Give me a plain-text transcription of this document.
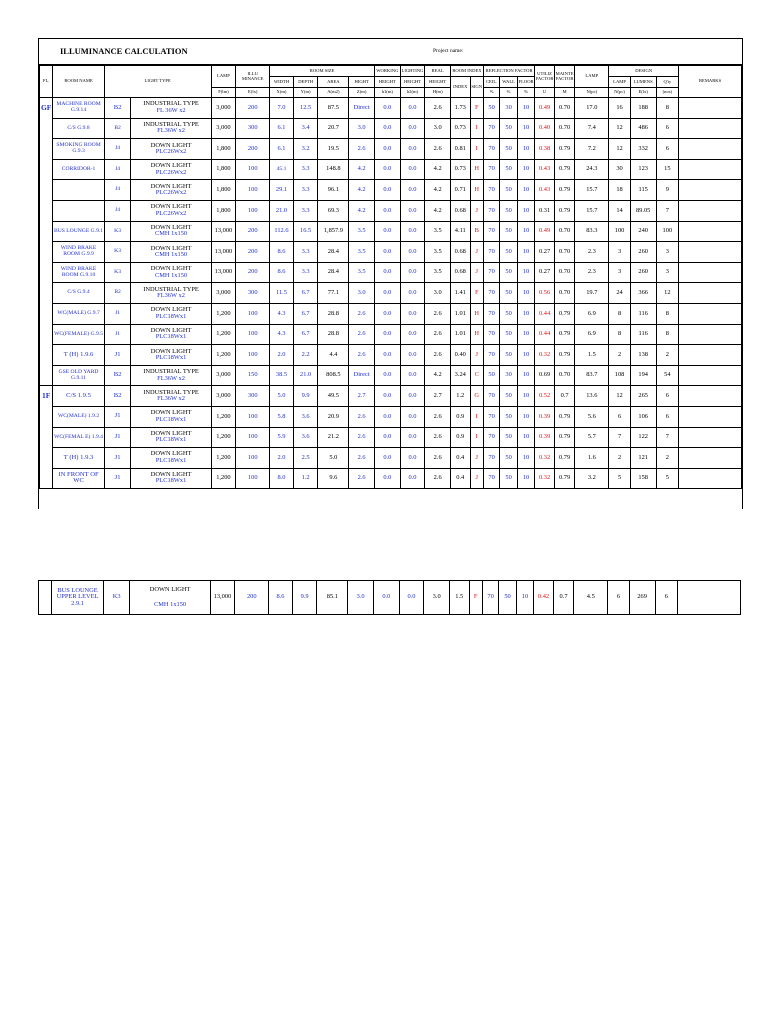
ILLUMINANCE CALCULATION	Project name:
FL.	ROOM NAME	LIGHT TYPE		LAMP	ILLU MINANCE	ROOM SIZE				WORKING	LIGHTING	REAL	ROOM INDEX		REFLECTION FACTOR			UTILIZ FACTOR	MAINTE FACTOR	LAMP	DESIGN			REMARKS
						WIDTH	DEPTH	AREA	HIGHT	HEIGHT	HEIGHT	HEIGHT	INDEX	SIGN	CEIL.	WALL	FLOOR				LAMP	LUMENS	Q'ty	
				F(lm)	E(lx)	X(m)	Y(m)	A(m2)	Z(m)	h1(m)	h2(m)	H(m)			%	%	%	U	M	N(pc)	N(pc)	E(lx)	(nos)	
GF	MACHINE ROOM G.9.14	B2	INDUSTRIAL TYPE
FL 36W x2	3,000	200	7.0	12.5	87.5	Direct	0.0	0.0	2.6	1.73	F	50	30	10	0.49	0.70	17.0	16	188	8	
	C/S G.9.8	B2	INDUSTRIAL TYPE
FL36W x2	3,000	300	6.1	3.4	20.7	3.0	0.0	0.0	3.0	0.73	I	70	50	10	0.40	0.70	7.4	12	486	6	
	SMOKING ROOM G.9.3	J4	DOWN LIGHT
PLC26Wx2	1,800	200	6.1	3.2	19.5	2.6	0.0	0.0	2.6	0.81	I	70	50	10	0.38	0.79	7.2	12	332	6	
	CORRIDOR-1	J4	DOWN LIGHT
PLC26Wx2	1,800	100	45.1	3.3	148.8	4.2	0.0	0.0	4.2	0.73	H	70	50	10	0.43	0.79	24.3	30	123	15	
		J4	DOWN LIGHT
PLC26Wx2	1,800	100	29.1	3.3	96.1	4.2	0.0	0.0	4.2	0.71	H	70	50	10	0.43	0.79	15.7	18	115	9	
		J4	DOWN LIGHT
PLC26Wx2	1,800	100	21.0	3.3	69.3	4.2	0.0	0.0	4.2	0.68	J	70	50	10	0.31	0.79	15.7	14	89.05	7	
	BUS LOUNGE G.9.1	K3	DOWN LIGHT
CMH 1x150	13,000	200	112.6	16.5	1,857.9	3.5	0.0	0.0	3.5	4.11	B	70	50	10	0.49	0.70	83.3	100	240	100	
	WIND BRAKE ROOM G.9.9	K3	DOWN LIGHT
CMH 1x150	13,000	200	8.6	3.3	28.4	3.5	0.0	0.0	3.5	0.68	J	70	50	10	0.27	0.70	2.3	3	260	3	
	WIND BRAKE ROOM G.9.10	K3	DOWN LIGHT
CMH 1x150	13,000	200	8.6	3.3	28.4	3.5	0.0	0.0	3.5	0.68	J	70	50	10	0.27	0.70	2.3	3	260	3	
	C/S G.9.4	B2	INDUSTRIAL TYPE
FL36W x2	3,000	300	11.5	6.7	77.1	3.0	0.0	0.0	3.0	1.41	F	70	50	10	0.56	0.70	19.7	24	366	12	
	WC(MALE) G.9.7	J1	DOWN LIGHT
PLC18Wx1	1,200	100	4.3	6.7	28.8	2.6	0.0	0.0	2.6	1.01	H	70	50	10	0.44	0.79	6.9	8	116	8	
	WC(FEMALE) G.9.5	J1	DOWN LIGHT
PLC18Wx1	1,200	100	4.3	6.7	28.8	2.6	0.0	0.0	2.6	1.01	H	70	50	10	0.44	0.79	6.9	8	116	8	
	T (H) 1.9.6	J1	DOWN LIGHT
PLC18Wx1	1,200	100	2.0	2.2	4.4	2.6	0.0	0.0	2.6	0.40	J	70	50	10	0.32	0.79	1.5	2	138	2	
	GSE OLD YARD G.9.11	B2	INDUSTRIAL TYPE
FL36W x2	3,000	150	38.5	21.0	808.5	Direct	0.0	0.0	4.2	3.24	C	50	30	10	0.69	0.70	83.7	108	194	54	
1F	C/S 1.9.5	B2	INDUSTRIAL TYPE
FL36W x2	3,000	300	5.0	9.9	49.5	2.7	0.0	0.0	2.7	1.2	G	70	50	10	0.52	0.7	13.6	12	265	6	
	WC(MALE) 1.9.2	J1	DOWN LIGHT
PLC18Wx1	1,200	100	5.8	3.6	20.9	2.6	0.0	0.0	2.6	0.9	I	70	50	10	0.39	0.79	5.6	6	106	6	
	WC(FEMAL E) 1.9.4	J1	DOWN LIGHT
PLC18Wx1	1,200	100	5.9	3.6	21.2	2.6	0.0	0.0	2.6	0.9	I	70	50	10	0.39	0.79	5.7	7	122	7	
	T (H) 1.9.3	J1	DOWN LIGHT
PLC18Wx1	1,200	100	2.0	2.5	5.0	2.6	0.0	0.0	2.6	0.4	J	70	50	10	0.32	0.79	1.6	2	121	2	
	IN FRONT OF WC	J1	DOWN LIGHT
PLC18Wx1	1,200	100	8.0	1.2	9.6	2.6	0.0	0.0	2.6	0.4	J	70	50	10	0.32	0.79	3.2	5	158	5	
	BUS LOUNGE UPPER LEVEL 2.9.1	K3	
DOWN LIGHT
CMH 1x150
	13,000	200	8.6	9.9	85.1	3.0	0.0	0.0	3.0	1.5	F	70	50	10	0.42	0.7	4.5	6	269	6	
